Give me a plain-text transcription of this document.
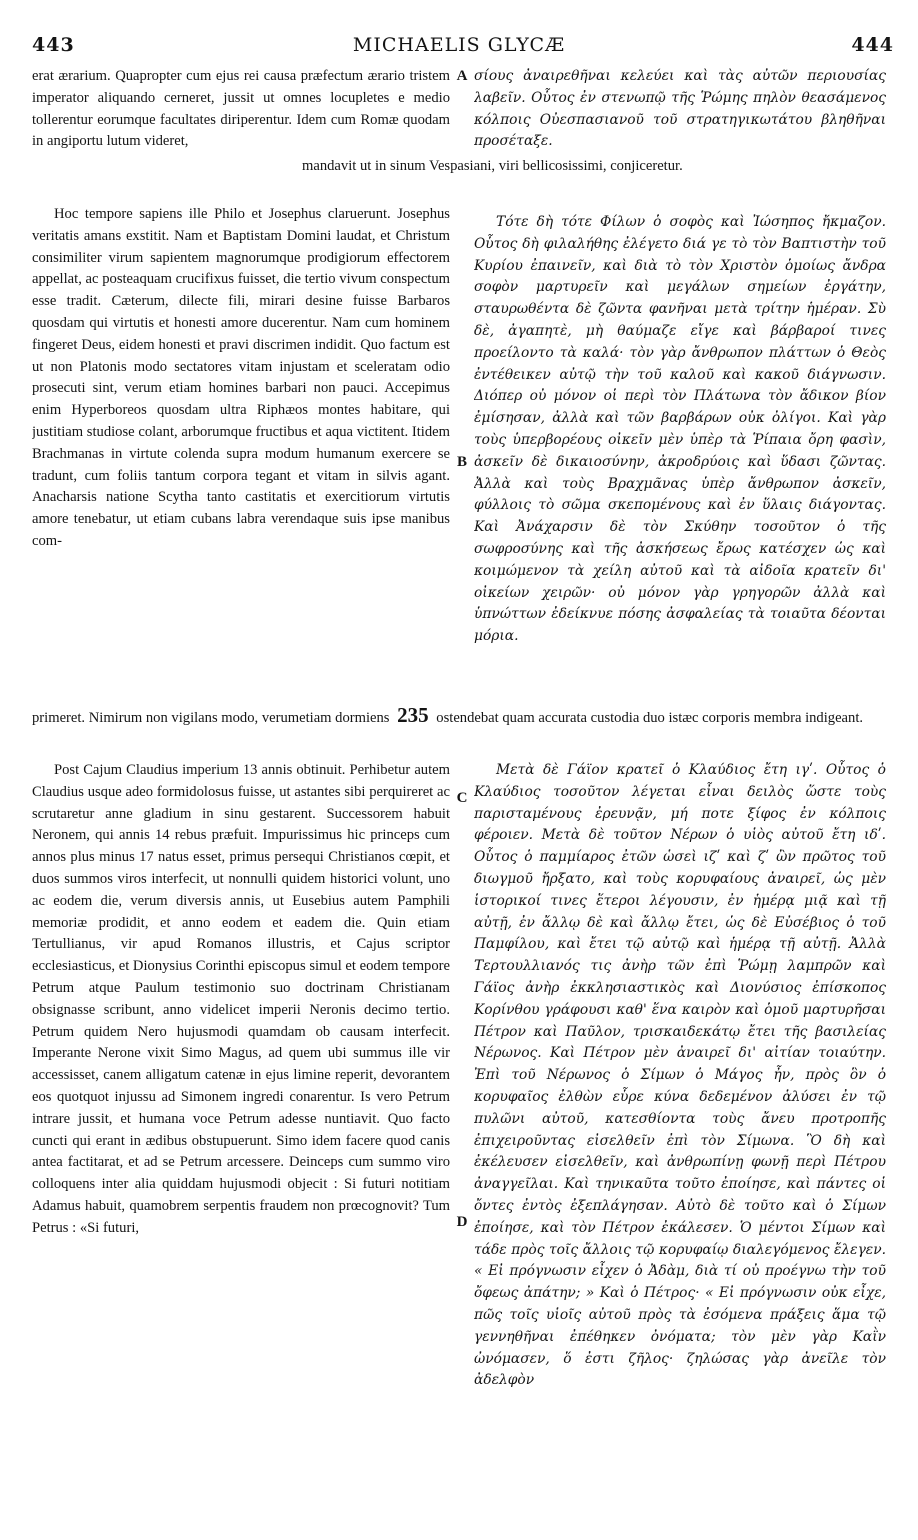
443	MICHAELIS GLYCÆ	444

erat ærarium. Quapropter cum ejus rei causa præfectum ærario tristem imperator aliquando cerneret, jussit ut omnes locupletes e medio tollerentur eorumque facultates diriperentur. Idem cum Romæ quodam in angiportu lutum videret,

σίους ἀναιρεθῆναι κελεύει καὶ τὰς αὐτῶν περιουσίας λαβεῖν. Οὗτος ἐν στενωπῷ τῆς Ῥώμης πηλὸν θεασάμενος κόλποις Οὐεσπασιανοῦ τοῦ στρατηγικωτάτου βληθῆναι προσέταξε.

A

mandavit ut in sinum Vespasiani, viri bellicosissimi, conjiceretur.

Hoc tempore sapiens ille Philo et Josephus claruerunt. Josephus veritatis amans exstitit. Nam et Baptistam Domini laudat, et Christum consimiliter virum sapientem magnorumque prodigiorum effectorem appellat, ac posteaquam crucifixus fuisset, die tertio vivum conspectum esse tradit. Cæterum, dilecte fili, mirari desine fuisse Barbaros quosdam qui virtutis et honesti amore ducerentur. Nam cum hominem fingeret Deus, eidem honesti et pravi discrimen indidit. Quo factum est ut non Platonis modo sectatores vitam injustam et sceleratam odio prosecuti sint, verum etiam homines barbari non pauci. Accepimus enim Hyperboreos quosdam ultra Riphæos montes habitare, qui justitiam studiose colant, arborumque fructibus et aqua victitent. Itidem Brachmanas in virtute colenda supra modum humanum exercere se tradunt, cum foliis tantum corpora tegant et vitam in silvis agant. Anacharsis natione Scytha tanto castitatis et exercitiorum virtutis amore tenebatur, ut etiam cubans labra verendaque suis ipse manibus com-

Τότε δὴ τότε Φίλων ὁ σοφὸς καὶ Ἰώσηπος ἤκμαζον. Οὗτος δὴ φιλαλήθης ἐλέγετο διά γε τὸ τὸν Βαπτιστὴν τοῦ Κυρίου ἐπαινεῖν, καὶ διὰ τὸ τὸν Χριστὸν ὁμοίως ἄνδρα σοφὸν μαρτυρεῖν καὶ μεγάλων σημείων ἐργάτην, σταυρωθέντα δὲ ζῶντα φανῆναι μετὰ τρίτην ἡμέραν. Σὺ δὲ, ἀγαπητὲ, μὴ θαύμαζε εἴγε καὶ βάρβαροί τινες προείλοντο τὰ καλά· τὸν γὰρ ἄνθρωπον πλάττων ὁ Θεὸς ἐντέθεικεν αὐτῷ τὴν τοῦ καλοῦ καὶ κακοῦ διάγνωσιν. Διόπερ οὐ μόνον οἱ περὶ τὸν Πλάτωνα τὸν ἄδικον βίον ἐμίσησαν, ἀλλὰ καὶ τῶν βαρβάρων οὐκ ὀλίγοι. Καὶ γὰρ τοὺς ὑπερβορέους οἰκεῖν μὲν ὑπὲρ τὰ Ῥίπαια ὄρη φασὶν, ἀσκεῖν δὲ δικαιοσύνην, ἀκροδρύοις καὶ ὕδασι ζῶντας. Ἀλλὰ καὶ τοὺς Βραχμᾶνας ὑπὲρ ἄνθρωπον ἀσκεῖν, φύλλοις τὸ σῶμα σκεπομένους καὶ ἐν ὕλαις διάγοντας. Καὶ Ἀνάχαρσιν δὲ τὸν Σκύθην τοσοῦτον ὁ τῆς σωφροσύνης καὶ τῆς ἀσκήσεως ἔρως κατέσχεν ὡς καὶ κοιμώμενον τὰ χείλη αὐτοῦ καὶ τὰ αἰδοῖα κρατεῖν δι' οἰκείων χειρῶν· οὐ μόνον γὰρ γρηγορῶν ἀλλὰ καὶ ὑπνώττων ἐδείκνυε πόσης ἀσφαλείας τὰ τοιαῦτα δέονται μόρια.

B

primeret. Nimirum non vigilans modo, verumetiam dormiens 235 ostendebat quam accurata custodia duo istæc corporis membra indigeant.

Post Cajum Claudius imperium 13 annis obtinuit. Perhibetur autem Claudius usque adeo formidolosus fuisse, ut astantes sibi perquireret ac scrutaretur anne gladium in sinu gestarent. Successorem habuit Neronem, qui annis 14 rebus præfuit. Impurissimus hic princeps cum annos plus minus 17 natus esset, primus persequi Christianos cœpit, et duos summos viros interfecit, ut nonnulli quidem historici volunt, uno ac eodem die, verum diversis annis, ut Eusebius autem Pamphili memoriæ prodidit, et anno eodem et eadem die. Quin etiam Tertullianus, vir apud Romanos illustris, et Cajus scriptor ecclesiasticus, et Dionysius Corinthi episcopus simul et eodem tempore Petrum atque Paulum testimonio suo doctrinam Christianam obsignasse scribunt, anno videlicet imperii Neronis decimo tertio. Petrum quidem Nero hujusmodi quamdam ob causam interfecit. Imperante Nerone vixit Simo Magus, ad quem ubi summus ille vir accessisset, canem alligatum catenæ in ejus limine reperit, devorantem eos quotquot injussu ad Simonem ingredi conarentur. Is vero Petrum intrare jussit, et humana voce Petrum adesse nuntiavit. Quo facto cuncti qui erant in ædibus obstupuerunt. Simo idem facere quod canis antea factitarat, et ad se Petrum arcessere. Deinceps cum summo viro colloquens inter alia quiddam hujusmodi objecit : Si futuri notitiam Adamus habuit, quamobrem serpentis fraudem non prœcognovit? Tum Petrus : «Si futuri,

Μετὰ δὲ Γάϊον κρατεῖ ὁ Κλαύδιος ἔτη ιγʹ. Οὗτος ὁ Κλαύδιος τοσοῦτον λέγεται εἶναι δειλὸς ὥστε τοὺς παρισταμένους ἐρευνᾷν, μή ποτε ξίφος ἐν κόλποις φέροιεν. Μετὰ δὲ τοῦτον Νέρων ὁ υἱὸς αὐτοῦ ἔτη ιδʹ. Οὗτος ὁ παμμίαρος ἐτῶν ὡσεὶ ιζʹ καὶ ζʹ ὢν πρῶτος τοῦ διωγμοῦ ἤρξατο, καὶ τοὺς κορυφαίους ἀναιρεῖ, ὡς μὲν ἱστορικοί τινες ἕτεροι λέγουσιν, ἐν ἡμέρᾳ μιᾷ καὶ τῇ αὐτῇ, ἐν ἄλλῳ δὲ καὶ ἄλλῳ ἔτει, ὡς δὲ Εὐσέβιος ὁ τοῦ Παμφίλου, καὶ ἔτει τῷ αὐτῷ καὶ ἡμέρᾳ τῇ αὐτῇ. Ἀλλὰ Τερτουλλιανός τις ἀνὴρ τῶν ἐπὶ Ῥώμῃ λαμπρῶν καὶ Γάϊος ἀνὴρ ἐκκλησιαστικὸς καὶ Διονύσιος ἐπίσκοπος Κορίνθου γράφουσι καθ' ἕνα καιρὸν καὶ ὁμοῦ μαρτυρῆσαι Πέτρον καὶ Παῦλον, τρισκαιδεκάτῳ ἔτει τῆς βασιλείας Νέρωνος. Καὶ Πέτρον μὲν ἀναιρεῖ δι' αἰτίαν τοιαύτην. Ἐπὶ τοῦ Νέρωνος ὁ Σίμων ὁ Μάγος ἦν, πρὸς ὃν ὁ κορυφαῖος ἐλθὼν εὗρε κύνα δεδεμένον ἁλύσει ἐν τῷ πυλῶνι αὐτοῦ, κατεσθίοντα τοὺς ἄνευ προτροπῆς ἐπιχειροῦντας εἰσελθεῖν ἐπὶ τὸν Σίμωνα. Ὃ δὴ καὶ ἐκέλευσεν εἰσελθεῖν, καὶ ἀνθρωπίνῃ φωνῇ περὶ Πέτρου ἀναγγεῖλαι. Καὶ τηνικαῦτα τοῦτο ἐποίησε, καὶ πάντες οἱ ὄντες ἐντὸς ἐξεπλάγησαν. Αὐτὸ δὲ τοῦτο καὶ ὁ Σίμων ἐποίησε, καὶ τὸν Πέτρον ἐκάλεσεν. Ὁ μέντοι Σίμων καὶ τάδε πρὸς τοῖς ἄλλοις τῷ κορυφαίῳ διαλεγόμενος ἔλεγεν. « Εἰ πρόγνωσιν εἶχεν ὁ Ἀδὰμ, διὰ τί οὐ προέγνω τὴν τοῦ ὄφεως ἀπάτην; » Καὶ ὁ Πέτρος· « Εἰ πρόγνωσιν οὐκ εἶχε, πῶς τοῖς υἱοῖς αὐτοῦ πρὸς τὰ ἐσόμενα πράξεις ἅμα τῷ γεννηθῆναι ἐπέθηκεν ὀνόματα; τὸν μὲν γὰρ Καῒν ὠνόμασεν, ὅ ἐστι ζῆλος· ζηλώσας γὰρ ἀνεῖλε τὸν ἀδελφὸν

C
D
